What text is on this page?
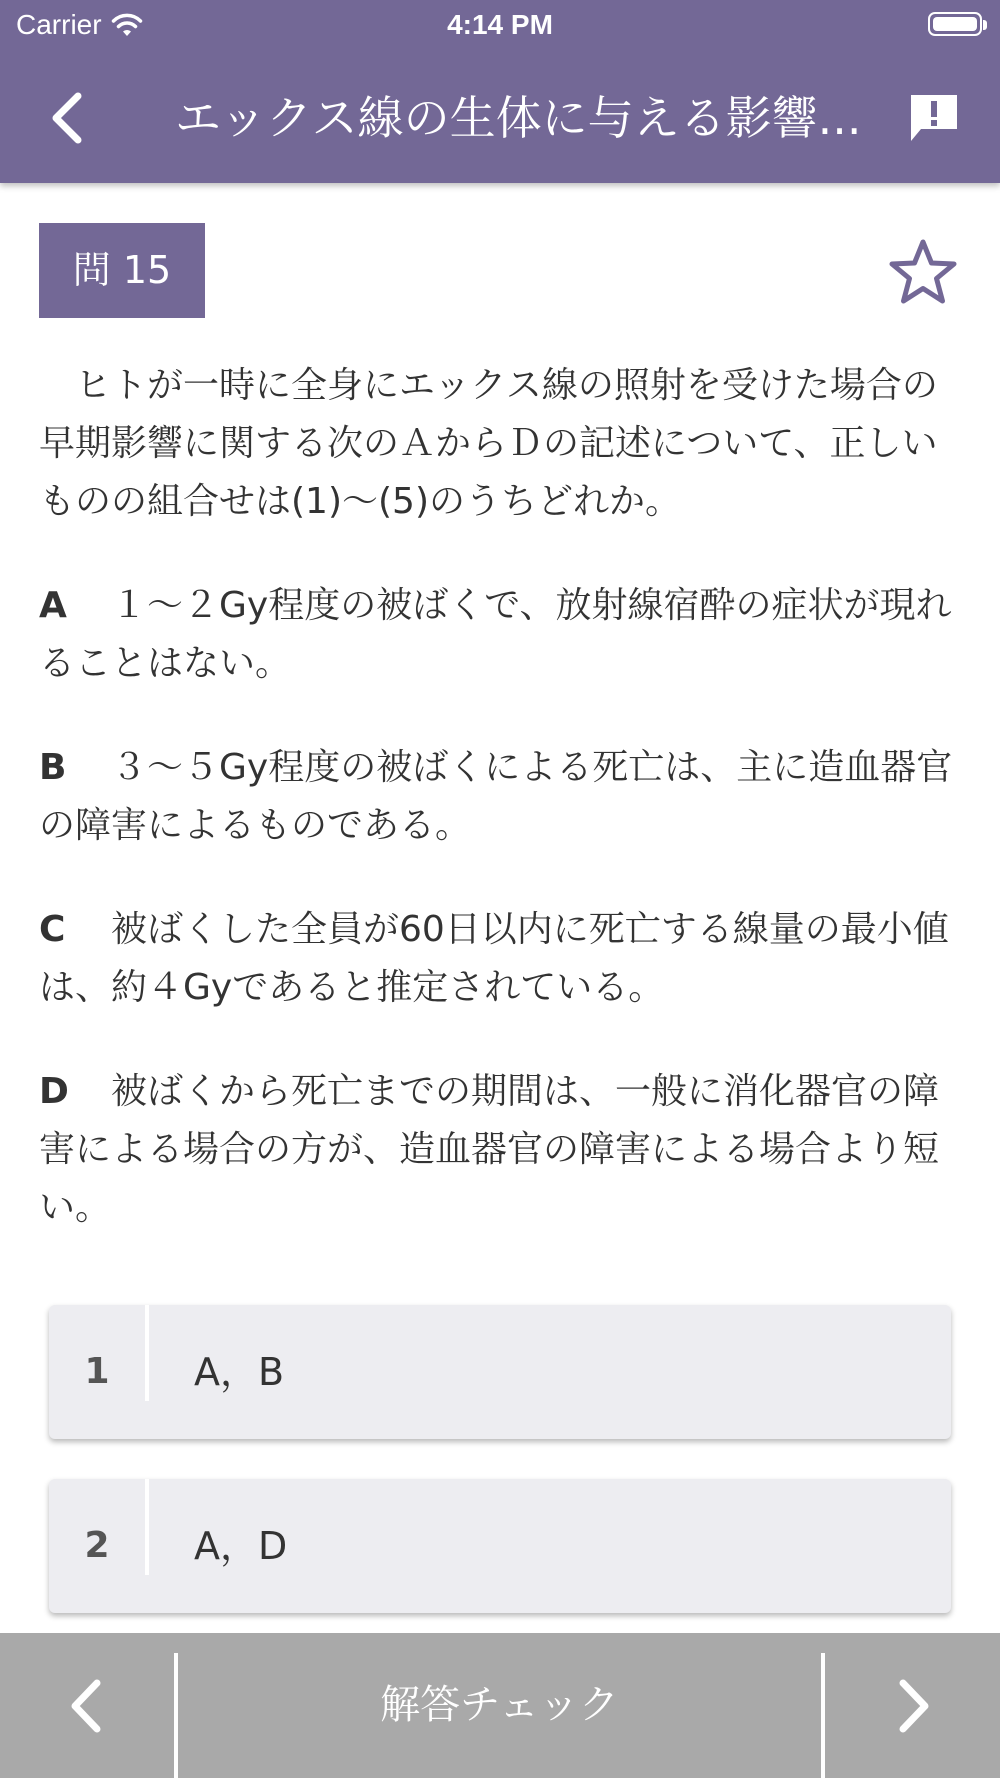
Carrier	4:14 PM
エックス線の生体に与える影響...
問 15

　ヒトが一時に全身にエックス線の照射を受けた場合の早期影響に関する次のＡからＤの記述について、正しいものの組合せは(1)～(5)のうちどれか。

A １～２Gy程度の被ばくで、放射線宿酔の症状が現れることはない。

B ３～５Gy程度の被ばくによる死亡は、主に造血器官の障害によるものである。

C 被ばくした全員が60日以内に死亡する線量の最小値は、約４Gyであると推定されている。

D 被ばくから死亡までの期間は、一般に消化器官の障害による場合の方が、造血器官の障害による場合より短い。

1	A，B
2	A，D
解答チェック
